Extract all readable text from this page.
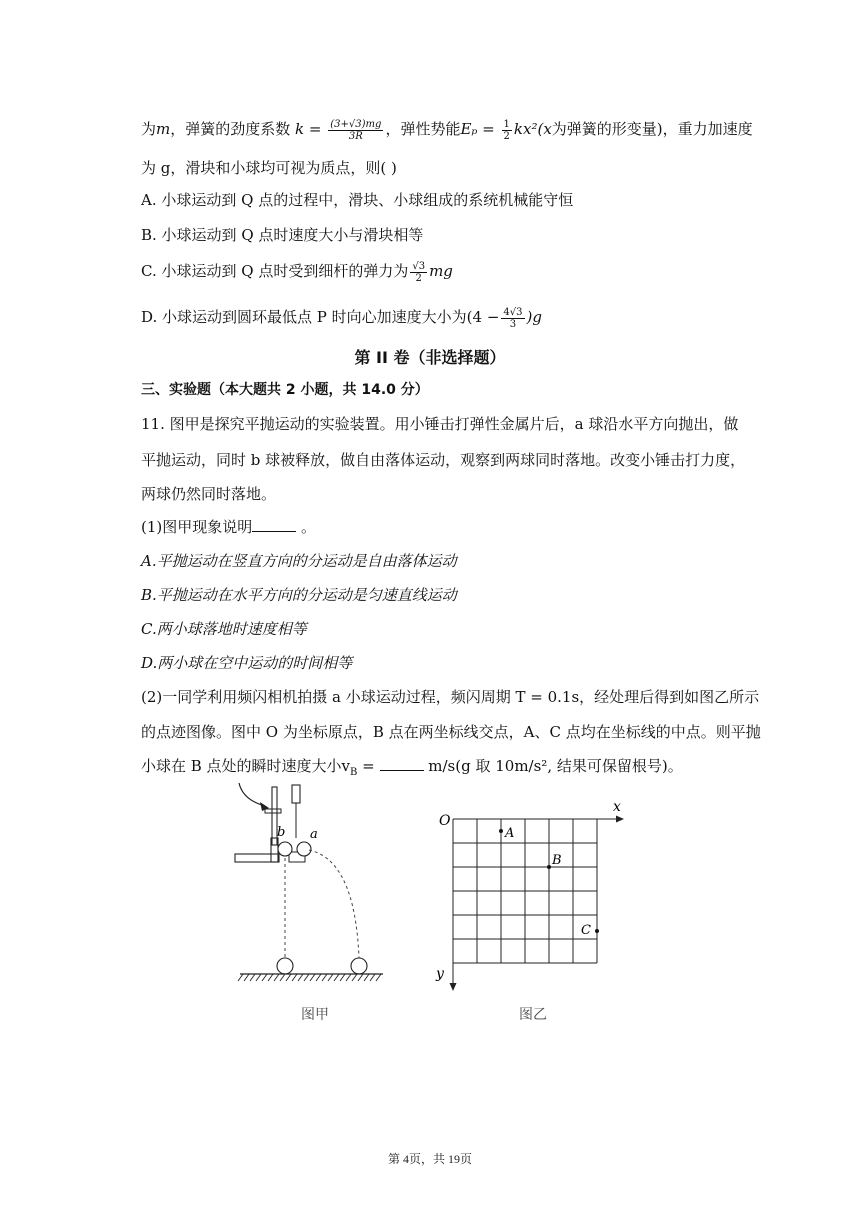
为m，弹簧的劲度系数 $k = \frac{(3+√3)mg}{3R}$ ，弹性势能$E_p = \frac{1}{2} kx^2(x$为弹簧的形变量)，重力加速度
为 g，滑块和小球均可视为质点，则( )
A. 小球运动到 Q 点的过程中，滑块、小球组成的系统机械能守恒
B. 小球运动到 Q 点时速度大小与滑块相等
C. 小球运动到 Q 点时受到细杆的弹力为 $\frac{√3}{2}$ mg
D. 小球运动到圆环最低点 P 时向心加速度大小为$(4 - \frac{4√3}{3} )g$
第 II 卷（非选择题）
三、实验题（本大题共 2 小题，共 14.0 分）
11. 图甲是探究平抛运动的实验装置。用小锤击打弹性金属片后，a 球沿水平方向抛出，做
平抛运动，同时 b 球被释放，做自由落体运动，观察到两球同时落地。改变小锤击打力度，
两球仍然同时落地。
(1)图甲现象说明	。
A.平抛运动在竖直方向的分运动是自由落体运动
B.平抛运动在水平方向的分运动是匀速直线运动
C.两小球落地时速度相等
D.两小球在空中运动的时间相等
(2)一同学利用频闪相机拍摄 a 小球运动过程，频闪周期 T = 0.1s，经处理后得到如图乙所示
的点迹图像。图中 O 为坐标原点，B 点在两坐标线交点，A、C 点均在坐标线的中点。则平抛
小球在 B 点处的瞬时速度大小$v_B$ =	m/s(g 取 10m/s², 结果可保留根号)。
b a
图甲
O
x
y
A
B
C
图乙
第 4页，共 19页
